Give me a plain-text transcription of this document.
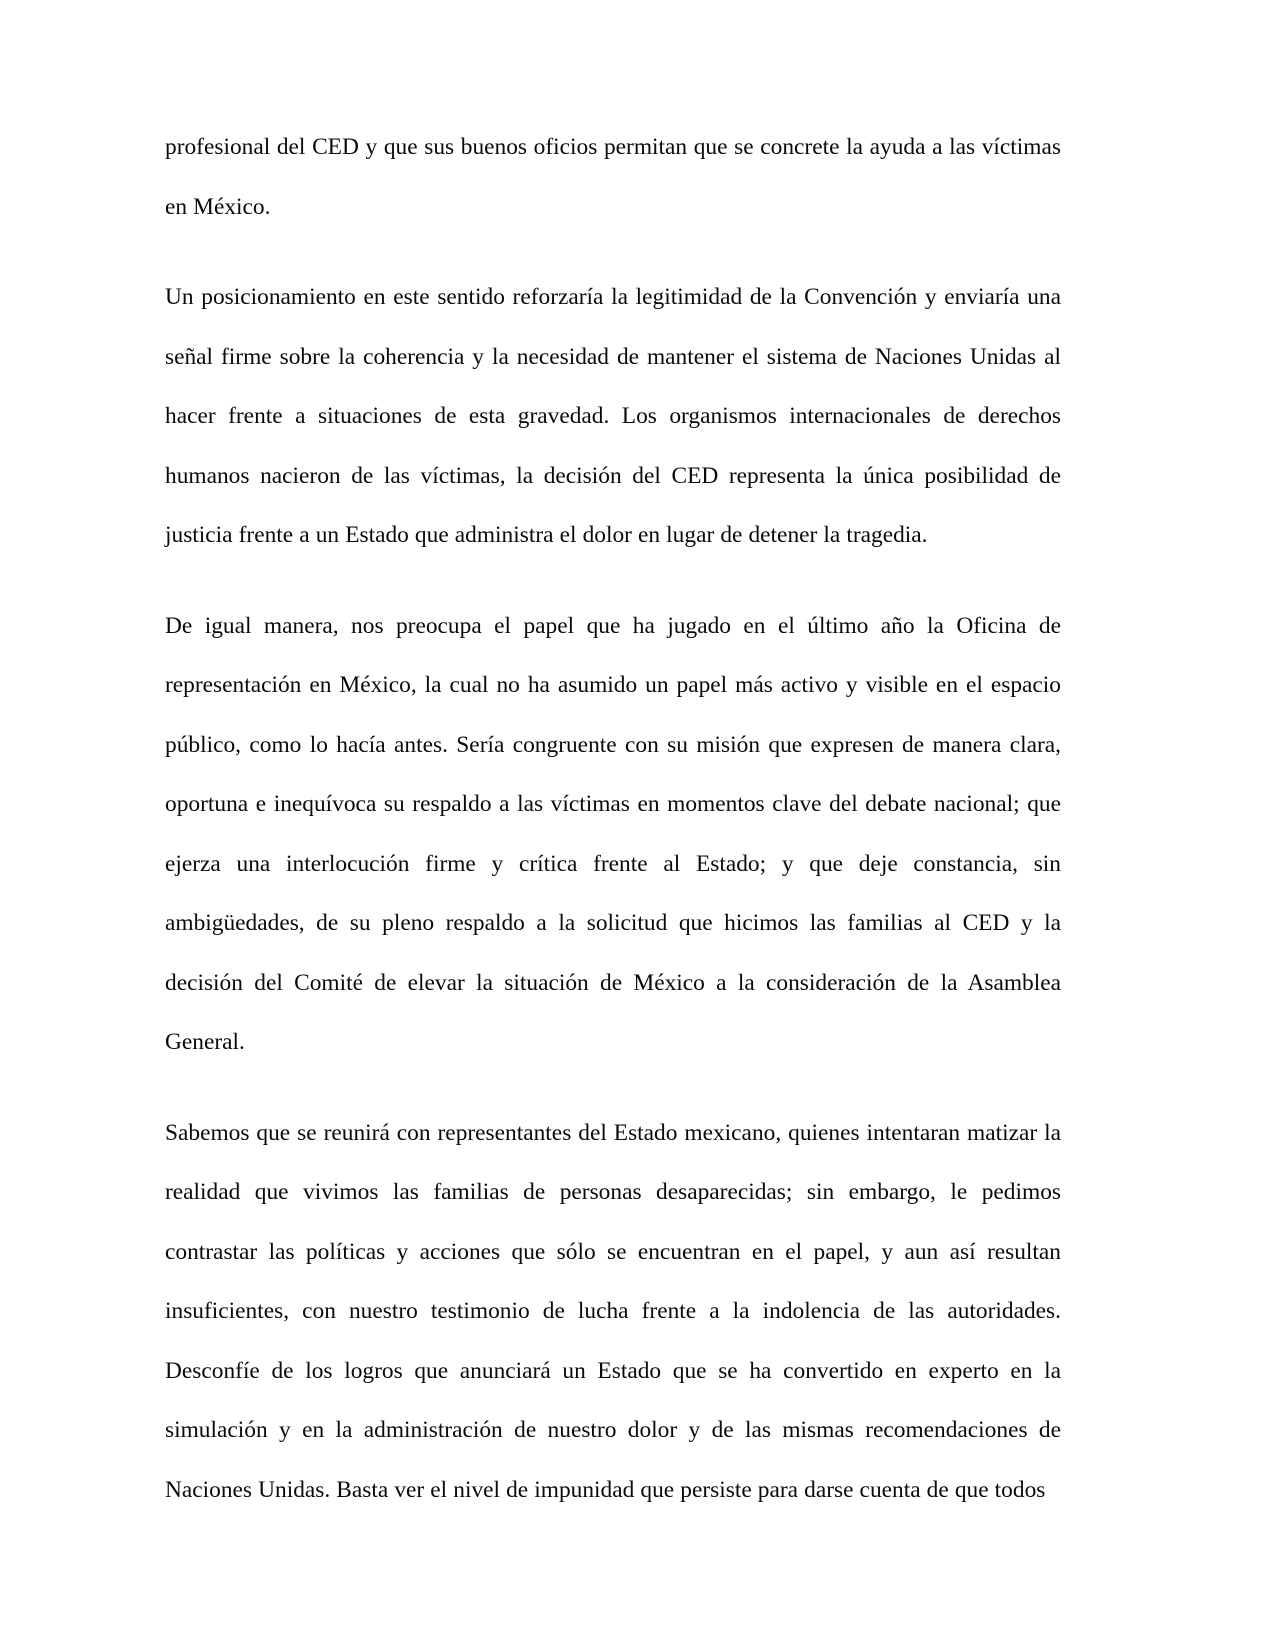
profesional del CED y que sus buenos oficios permitan que se concrete la ayuda a las víctimas en México.

Un posicionamiento en este sentido reforzaría la legitimidad de la Convención y enviaría una señal firme sobre la coherencia y la necesidad de mantener el sistema de Naciones Unidas al hacer frente a situaciones de esta gravedad. Los organismos internacionales de derechos humanos nacieron de las víctimas, la decisión del CED representa la única posibilidad de justicia frente a un Estado que administra el dolor en lugar de detener la tragedia.

De igual manera, nos preocupa el papel que ha jugado en el último año la Oficina de representación en México, la cual no ha asumido un papel más activo y visible en el espacio público, como lo hacía antes. Sería congruente con su misión que expresen de manera clara, oportuna e inequívoca su respaldo a las víctimas en momentos clave del debate nacional; que ejerza una interlocución firme y crítica frente al Estado; y que deje constancia, sin ambigüedades, de su pleno respaldo a la solicitud que hicimos las familias al CED y la decisión del Comité de elevar la situación de México a la consideración de la Asamblea General.

Sabemos que se reunirá con representantes del Estado mexicano, quienes intentaran matizar la realidad que vivimos las familias de personas desaparecidas; sin embargo, le pedimos contrastar las políticas y acciones que sólo se encuentran en el papel, y aun así resultan insuficientes, con nuestro testimonio de lucha frente a la indolencia de las autoridades. Desconfíe de los logros que anunciará un Estado que se ha convertido en experto en la simulación y en la administración de nuestro dolor y de las mismas recomendaciones de Naciones Unidas. Basta ver el nivel de impunidad que persiste para darse cuenta de que todos
